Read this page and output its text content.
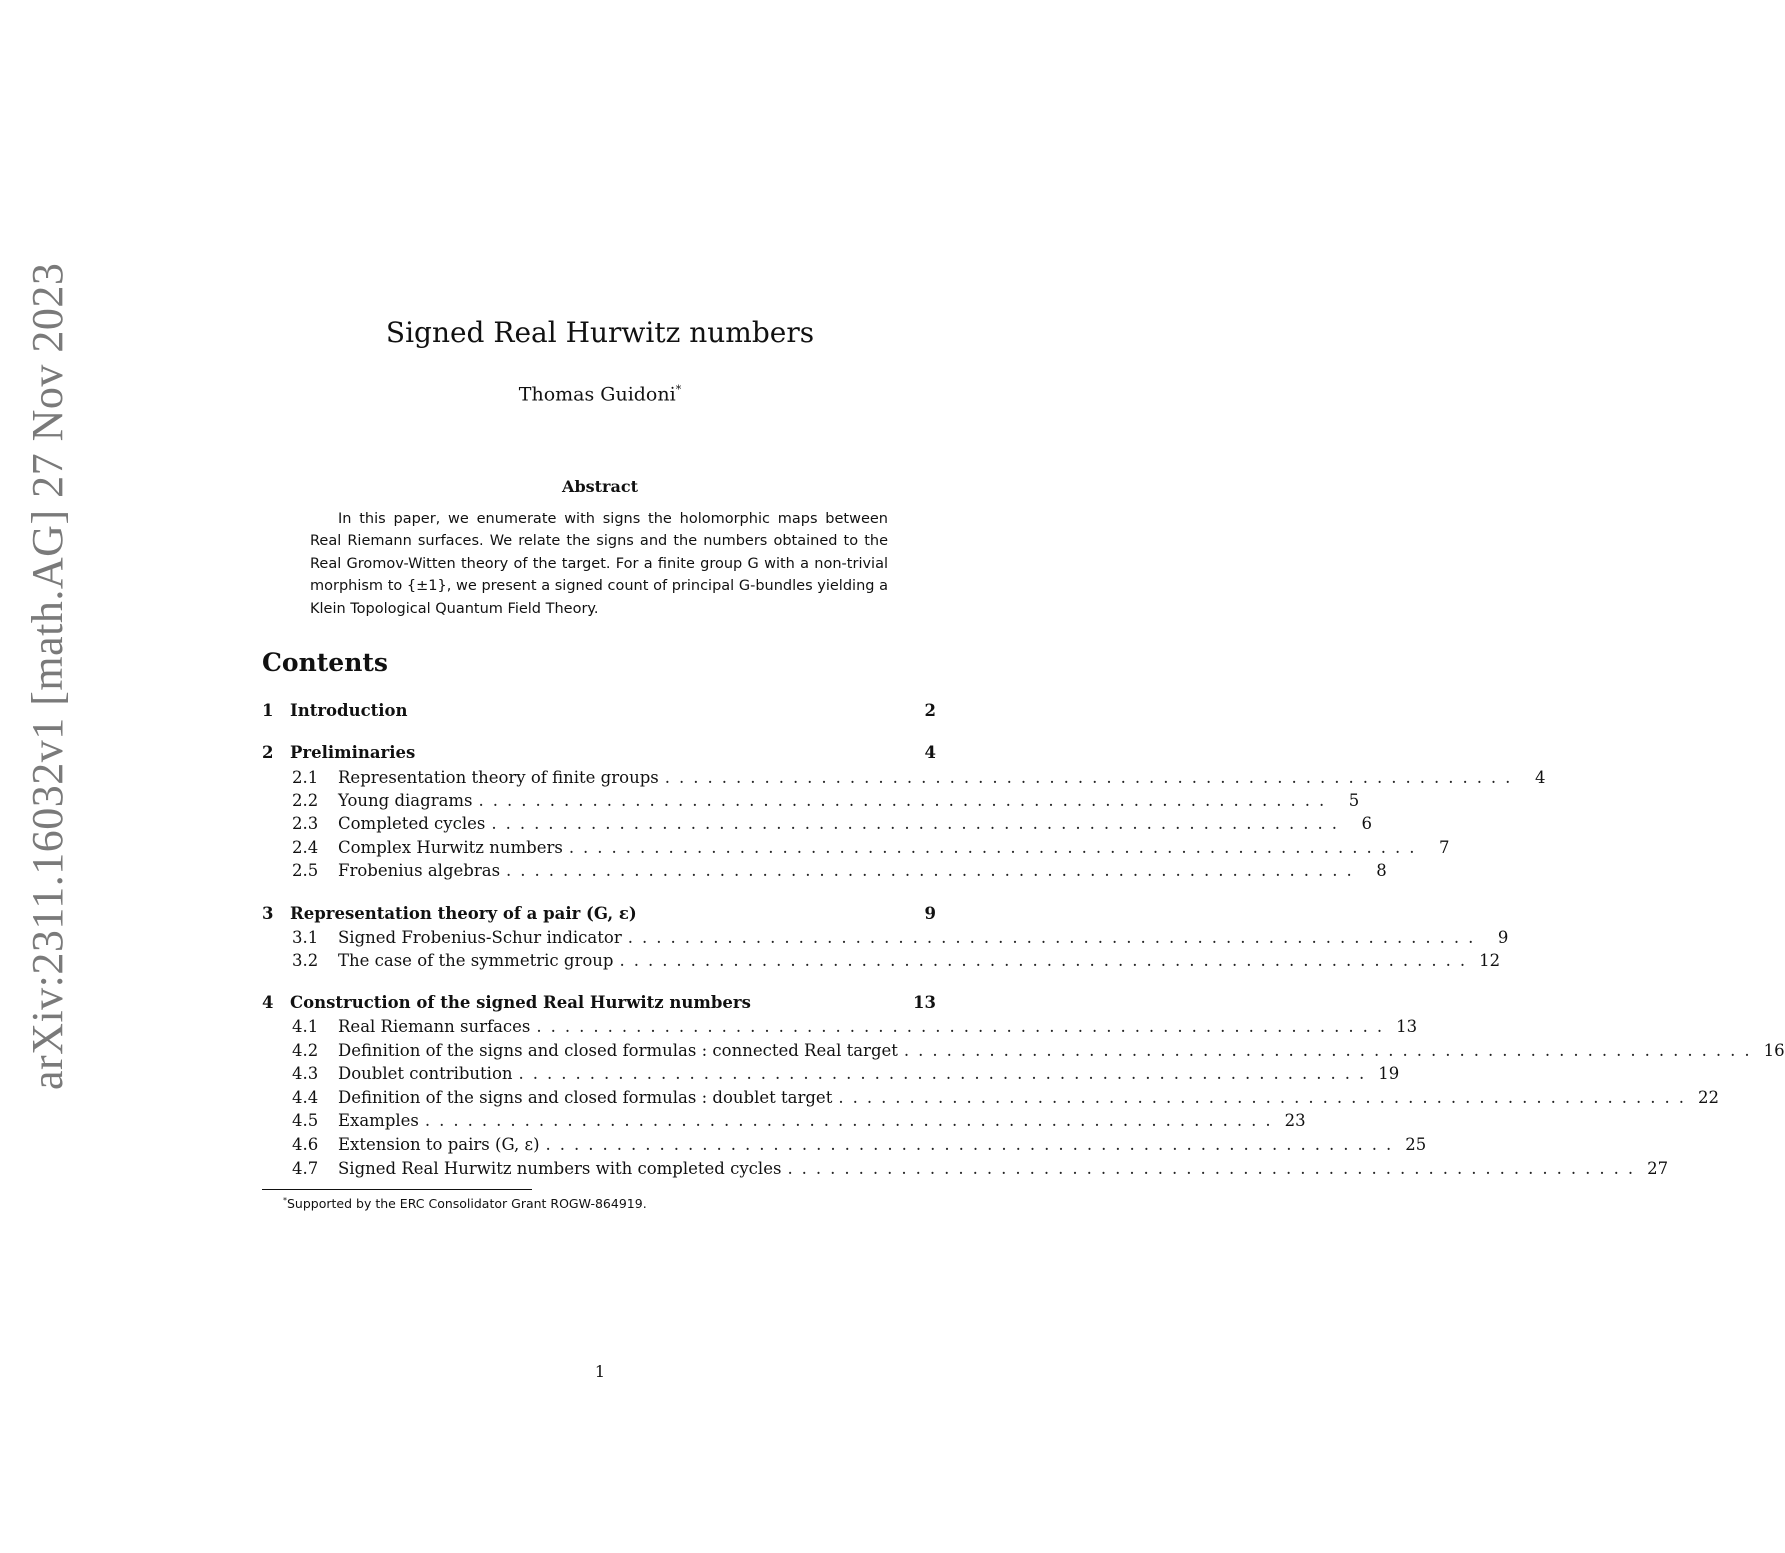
arXiv:2311.16032v1 [math.AG] 27 Nov 2023	Signed Real Hurwitz numbers
Thomas Guidoni*
Abstract

In this paper, we enumerate with signs the holomorphic maps between Real Riemann surfaces. We relate the signs and the numbers obtained to the Real Gromov-Witten theory of the target. For a finite group G with a non-trivial morphism to {±1}, we present a signed count of principal G-bundles yielding a Klein Topological Quantum Field Theory.

Contents
1	Introduction	2
2	Preliminaries	4
2.1	Representation theory of finite groups ............................................................ 4
2.2	Young diagrams ............................................................ 5
2.3	Completed cycles ............................................................ 6
2.4	Complex Hurwitz numbers ............................................................ 7
2.5	Frobenius algebras ............................................................ 8
3	Representation theory of a pair (G, ε)	9
3.1	Signed Frobenius-Schur indicator ............................................................ 9
3.2	The case of the symmetric group ............................................................ 12
4	Construction of the signed Real Hurwitz numbers	13
4.1	Real Riemann surfaces ............................................................ 13
4.2	Definition of the signs and closed formulas : connected Real target ............................................................ 16
4.3	Doublet contribution ............................................................ 19
4.4	Definition of the signs and closed formulas : doublet target ............................................................ 22
4.5	Examples ............................................................ 23
4.6	Extension to pairs (G, ε) ............................................................ 25
4.7	Signed Real Hurwitz numbers with completed cycles ............................................................ 27
*Supported by the ERC Consolidator Grant ROGW-864919.
1
